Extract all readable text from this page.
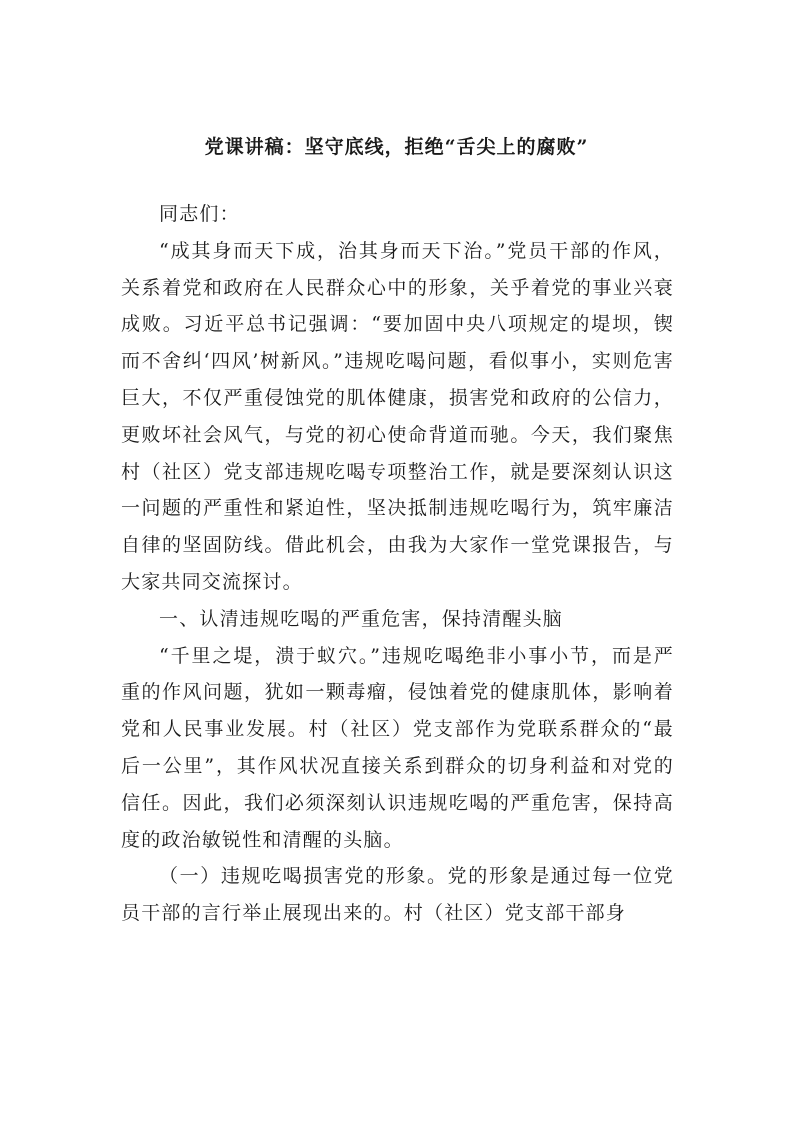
党课讲稿：坚守底线，拒绝“舌尖上的腐败”

同志们：

“成其身而天下成，治其身而天下治。”党员干部的作风，关系着党和政府在人民群众心中的形象，关乎着党的事业兴衰成败。习近平总书记强调：“要加固中央八项规定的堤坝，锲而不舍纠‘四风’树新风。”违规吃喝问题，看似事小，实则危害巨大，不仅严重侵蚀党的肌体健康，损害党和政府的公信力，更败坏社会风气，与党的初心使命背道而驰。今天，我们聚焦村（社区）党支部违规吃喝专项整治工作，就是要深刻认识这一问题的严重性和紧迫性，坚决抵制违规吃喝行为，筑牢廉洁自律的坚固防线。借此机会，由我为大家作一堂党课报告，与大家共同交流探讨。

一、认清违规吃喝的严重危害，保持清醒头脑

“千里之堤，溃于蚁穴。”违规吃喝绝非小事小节，而是严重的作风问题，犹如一颗毒瘤，侵蚀着党的健康肌体，影响着党和人民事业发展。村（社区）党支部作为党联系群众的“最后一公里”，其作风状况直接关系到群众的切身利益和对党的信任。因此，我们必须深刻认识违规吃喝的严重危害，保持高度的政治敏锐性和清醒的头脑。

（一）违规吃喝损害党的形象。党的形象是通过每一位党员干部的言行举止展现出来的。村（社区）党支部干部身
